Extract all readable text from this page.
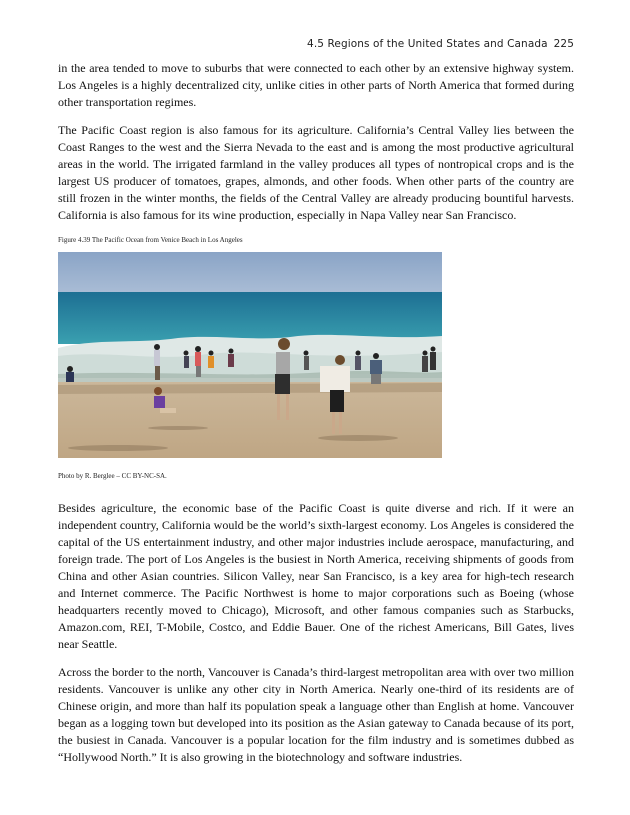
4.5 Regions of the United States and Canada 225

in the area tended to move to suburbs that were connected to each other by an extensive highway system. Los Angeles is a highly decentralized city, unlike cities in other parts of North America that formed during other transportation regimes.

The Pacific Coast region is also famous for its agriculture. California’s Central Valley lies between the Coast Ranges to the west and the Sierra Nevada to the east and is among the most productive agricultural areas in the world. The irrigated farmland in the valley produces all types of nontropical crops and is the largest US producer of tomatoes, grapes, almonds, and other foods. When other parts of the country are still frozen in the winter months, the fields of the Central Valley are already producing bountiful harvests. California is also famous for its wine production, especially in Napa Valley near San Francisco.

Figure 4.39 The Pacific Ocean from Venice Beach in Los Angeles
Photo by R. Berglee – CC BY-NC-SA.

Besides agriculture, the economic base of the Pacific Coast is quite diverse and rich. If it were an independent country, California would be the world’s sixth-largest economy. Los Angeles is considered the capital of the US entertainment industry, and other major industries include aerospace, manufacturing, and foreign trade. The port of Los Angeles is the busiest in North America, receiving shipments of goods from China and other Asian countries. Silicon Valley, near San Francisco, is a key area for high-tech research and Internet commerce. The Pacific Northwest is home to major corporations such as Boeing (whose headquarters recently moved to Chicago), Microsoft, and other famous companies such as Starbucks, Amazon.com, REI, T-Mobile, Costco, and Eddie Bauer. One of the richest Americans, Bill Gates, lives near Seattle.

Across the border to the north, Vancouver is Canada’s third-largest metropolitan area with over two million residents. Vancouver is unlike any other city in North America. Nearly one-third of its residents are of Chinese origin, and more than half its population speak a language other than English at home. Vancouver began as a logging town but developed into its position as the Asian gateway to Canada because of its port, the busiest in Canada. Vancouver is a popular location for the film industry and is sometimes dubbed as “Hollywood North.” It is also growing in the biotechnology and software industries.
